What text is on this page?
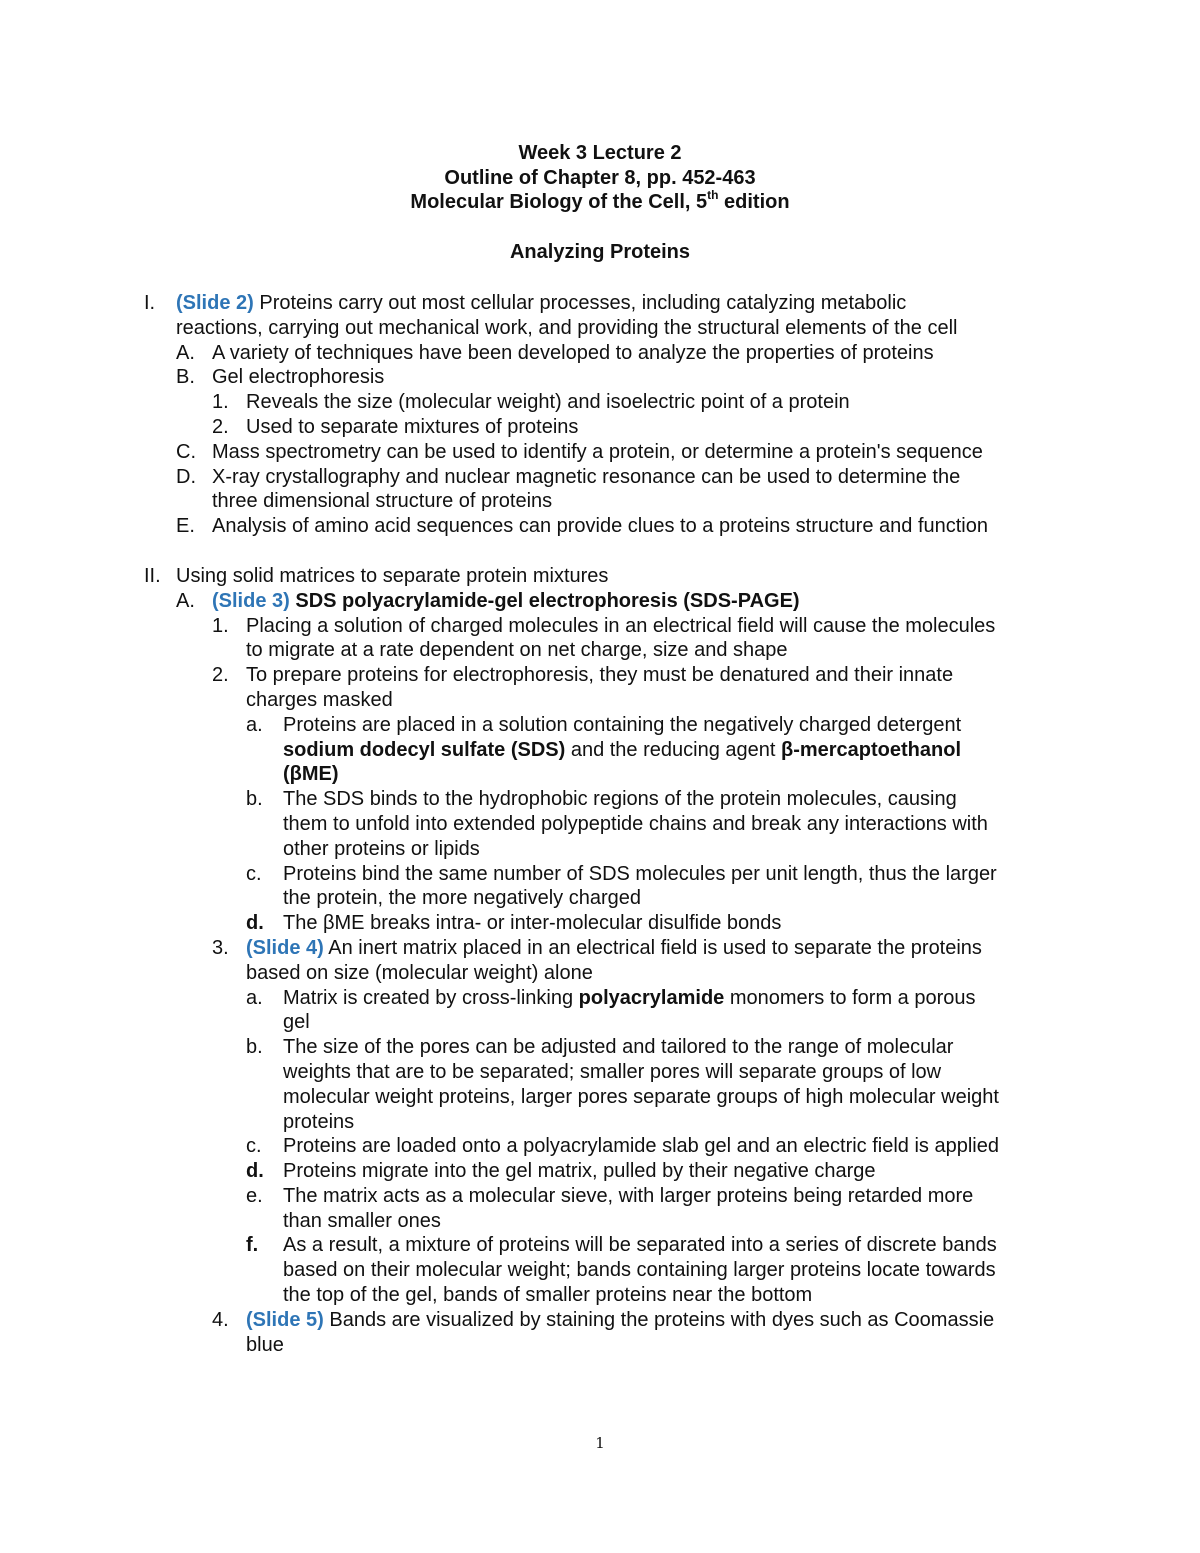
Week 3 Lecture 2
Outline of Chapter 8, pp. 452-463
Molecular Biology of the Cell, 5th edition
Analyzing Proteins
I. (Slide 2) Proteins carry out most cellular processes, including catalyzing metabolic
reactions, carrying out mechanical work, and providing the structural elements of the cell
A. A variety of techniques have been developed to analyze the properties of proteins
B. Gel electrophoresis
1. Reveals the size (molecular weight) and isoelectric point of a protein
2. Used to separate mixtures of proteins
C. Mass spectrometry can be used to identify a protein, or determine a protein's sequence
D. X-ray crystallography and nuclear magnetic resonance can be used to determine the
three dimensional structure of proteins
E. Analysis of amino acid sequences can provide clues to a proteins structure and function
II. Using solid matrices to separate protein mixtures
A. (Slide 3) SDS polyacrylamide-gel electrophoresis (SDS-PAGE)
1. Placing a solution of charged molecules in an electrical field will cause the molecules
to migrate at a rate dependent on net charge, size and shape
2. To prepare proteins for electrophoresis, they must be denatured and their innate
charges masked
a. Proteins are placed in a solution containing the negatively charged detergent
sodium dodecyl sulfate (SDS) and the reducing agent β-mercaptoethanol
(βME)
b. The SDS binds to the hydrophobic regions of the protein molecules, causing
them to unfold into extended polypeptide chains and break any interactions with
other proteins or lipids
c. Proteins bind the same number of SDS molecules per unit length, thus the larger
the protein, the more negatively charged
d. The βME breaks intra- or inter-molecular disulfide bonds
3. (Slide 4) An inert matrix placed in an electrical field is used to separate the proteins
based on size (molecular weight) alone
a. Matrix is created by cross-linking polyacrylamide monomers to form a porous
gel
b. The size of the pores can be adjusted and tailored to the range of molecular
weights that are to be separated; smaller pores will separate groups of low
molecular weight proteins, larger pores separate groups of high molecular weight
proteins
c. Proteins are loaded onto a polyacrylamide slab gel and an electric field is applied
d. Proteins migrate into the gel matrix, pulled by their negative charge
e. The matrix acts as a molecular sieve, with larger proteins being retarded more
than smaller ones
f. As a result, a mixture of proteins will be separated into a series of discrete bands
based on their molecular weight; bands containing larger proteins locate towards
the top of the gel, bands of smaller proteins near the bottom
4. (Slide 5) Bands are visualized by staining the proteins with dyes such as Coomassie
blue
1
